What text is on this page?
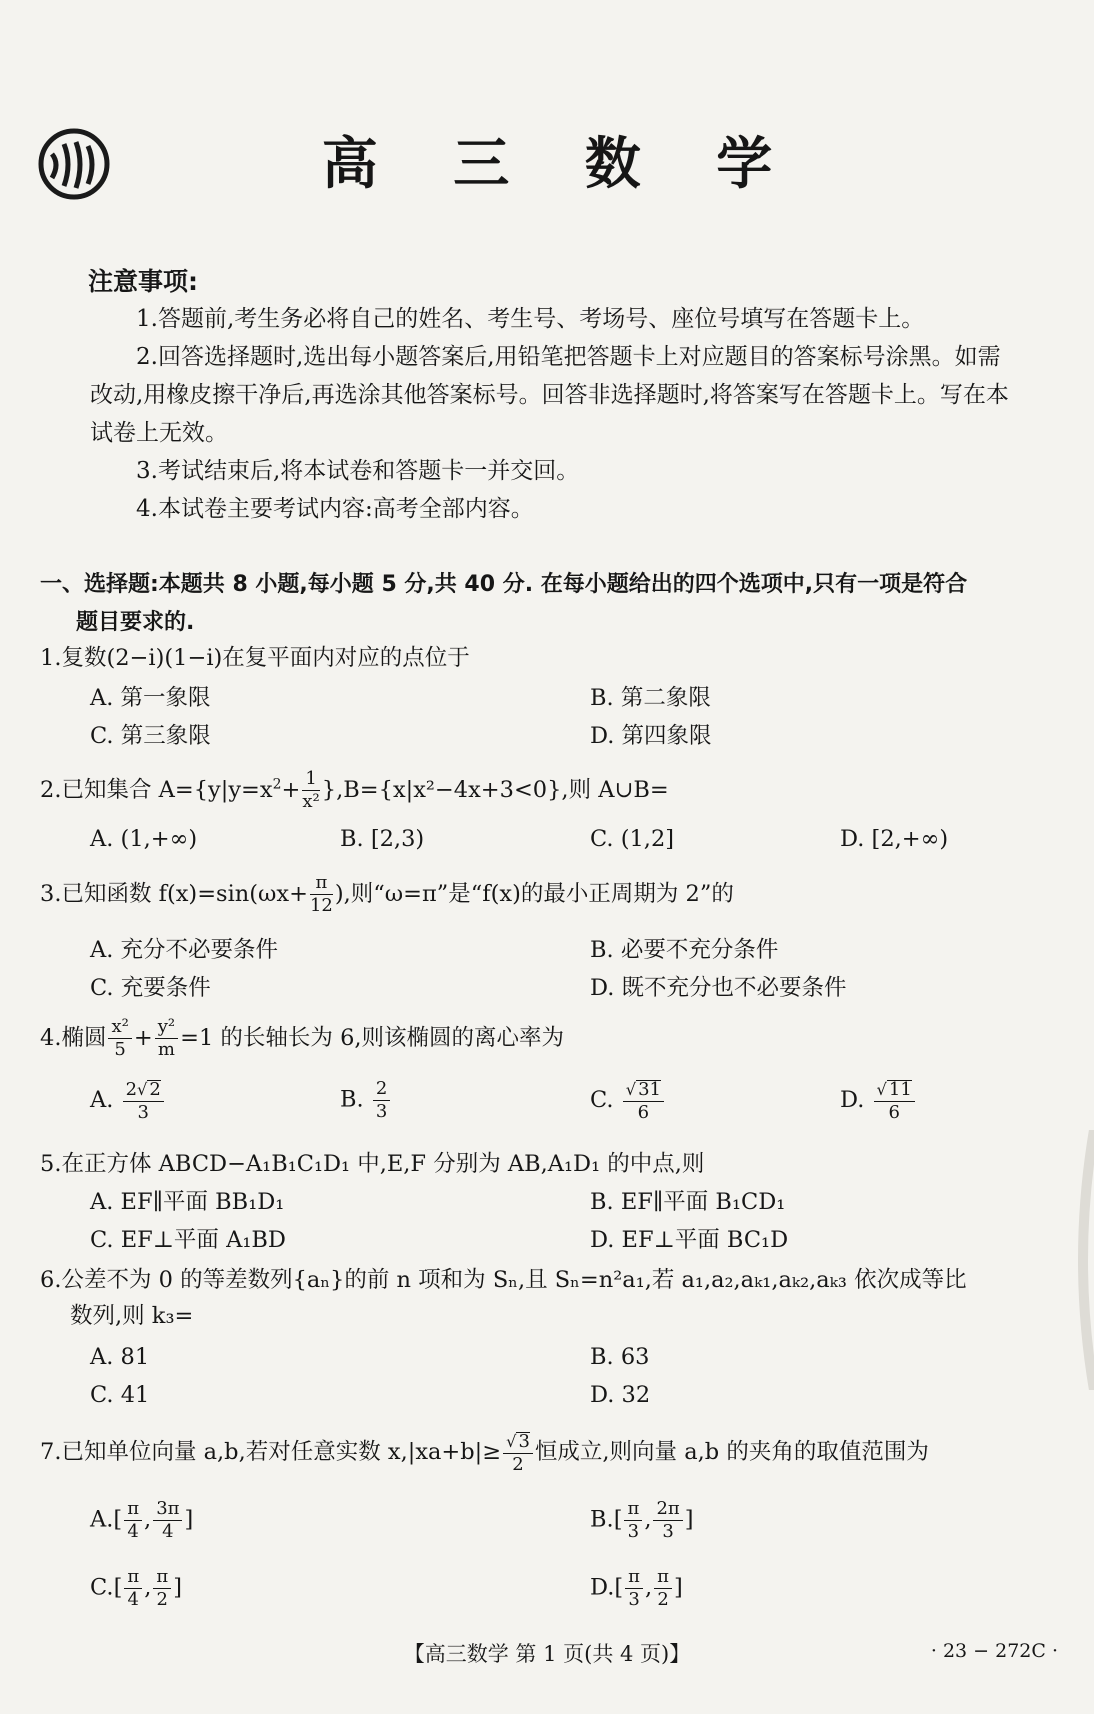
高 三 数 学
注意事项:

1.答题前,考生务必将自己的姓名、考生号、考场号、座位号填写在答题卡上。

2.回答选择题时,选出每小题答案后,用铅笔把答题卡上对应题目的答案标号涂黑。如需改动,用橡皮擦干净后,再选涂其他答案标号。回答非选择题时,将答案写在答题卡上。写在本试卷上无效。

3.考试结束后,将本试卷和答题卡一并交回。

4.本试卷主要考试内容:高考全部内容。

一、选择题:本题共 8 小题,每小题 5 分,共 40 分. 在每小题给出的四个选项中,只有一项是符合
题目要求的.
1.复数(2−i)(1−i)在复平面内对应的点位于
A. 第一象限	B. 第二象限
C. 第三象限	D. 第四象限
2.已知集合 $A=\{y|y=x^2+ \frac{1}{\text{x²}} \},B=\{x|x^2-4x+3<0\}$,则 A∪B=
A. (1,+∞)	B. [2,3)	C. (1,2]	D. [2,+∞)
3.已知函数 $f(x)=\sin(\omega x+ \frac{\pi}{12}$ ),则“ω=π”是“f(x)的最小正周期为 2”的
A. 充分不必要条件	B. 必要不充分条件
C. 充要条件	D. 既不充分也不必要条件
4.椭圆 $\frac{\text{x²}}{5} + \frac{\text{y²}}{m} =1$ 的长轴长为 6,则该椭圆的离心率为
A. $\frac{2√ 2}{3}$	B. $\frac{2}{3}$	C. $\frac{√ 31}{6}$	D. $\frac{√ 11}{6}$
5.在正方体 ABCD−A₁B₁C₁D₁ 中,E,F 分别为 AB,A₁D₁ 的中点,则
A. EF∥平面 BB₁D₁	B. EF∥平面 B₁CD₁
C. EF⊥平面 A₁BD	D. EF⊥平面 BC₁D
6.公差不为 0 的等差数列{aₙ}的前 n 项和为 Sₙ,且 Sₙ=n²a₁,若 a₁,a₂,aₖ₁,aₖ₂,aₖ₃ 依次成等比
数列,则 k₃=
A. 81	B. 63
C. 41	D. 32
7.已知单位向量 a,b,若对任意实数 $x,|xa+b|\ge \frac{√ 3}{2}$ 恒成立,则向量 a,b 的夹角的取值范围为
$A.[ \frac{\pi}{4}$ , $\frac{3\pi}{4}$ ]	$B.[ \frac{\pi}{3}$ , $\frac{2\pi}{3}$ ]
$C.[ \frac{\pi}{4}$ , $\frac{\pi}{2}$ ]	$D.[ \frac{\pi}{3}$ , $\frac{\pi}{2}$ ]
【高三数学 第 1 页(共 4 页)】	· 23 − 272C ·
